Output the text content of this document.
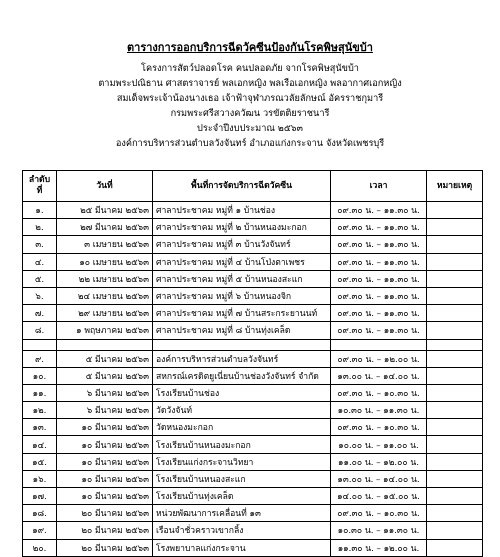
ตารางการออกบริการฉีดวัคซีนป้องกันโรคพิษสุนัขบ้า
โครงการสัตว์ปลอดโรค คนปลอดภัย จากโรคพิษสุนัขบ้า
ตามพระปณิธาน ศาสตราจารย์ พลเอกหญิง พลเรือเอกหญิง พลอากาศเอกหญิง
สมเด็จพระเจ้าน้องนางเธอ เจ้าฟ้าจุฬาภรณวลัยลักษณ์ อัครราชกุมารี
กรมพระศรีสวางควัฒน วรขัตติยราชนารี
ประจำปีงบประมาณ ๒๕๖๓
องค์การบริหารส่วนตำบลวังจันทร์ อำเภอแก่งกระจาน จังหวัดเพชรบุรี
ลำดับ
ที่	วันที่	พื้นที่การจัดบริการฉีดวัคซีน	เวลา	หมายเหตุ
๑.	๒๕ มีนาคม ๒๕๖๓	ศาลาประชาคม หมู่ที่ ๑ บ้านช่อง	๐๙.๓๐ น. – ๑๑.๓๐ น.	
๒.	๒๗ มีนาคม ๒๕๖๓	ศาลาประชาคม หมู่ที่ ๒ บ้านหนองมะกอก	๐๙.๓๐ น. – ๑๑.๓๐ น.	
๓.	๓ เมษายน ๒๕๖๓	ศาลาประชาคม หมู่ที่ ๓ บ้านวังจันทร์	๐๙.๓๐ น. – ๑๑.๓๐ น.	
๔.	๑๐ เมษายน ๒๕๖๓	ศาลาประชาคม หมู่ที่ ๔ บ้านโป่งตาเพชร	๐๙.๓๐ น. – ๑๑.๓๐ น.	
๕.	๒๒ เมษายน ๒๕๖๓	ศาลาประชาคม หมู่ที่ ๕ บ้านหนองสะแก	๐๙.๓๐ น. – ๑๑.๓๐ น.	
๖.	๒๔ เมษายน ๒๕๖๓	ศาลาประชาคม หมู่ที่ ๖ บ้านหนองจิก	๐๙.๓๐ น. – ๑๑.๓๐ น.	
๗.	๒๙ เมษายน ๒๕๖๓	ศาลาประชาคม หมู่ที่ ๗ บ้านสระกระยานนท์	๐๙.๓๐ น. – ๑๑.๓๐ น.	
๘.	๑ พฤษภาคม ๒๕๖๓	ศาลาประชาคม หมู่ที่ ๘ บ้านทุ่งเคล็ด	๐๙.๓๐ น. – ๑๑.๓๐ น.	

๙.	๕ มีนาคม ๒๕๖๓	องค์การบริหารส่วนตำบลวังจันทร์	๐๙.๓๐ น. – ๑๒.๐๐ น.	
๑๐.	๕ มีนาคม ๒๕๖๓	สหกรณ์เครดิตยูเนี่ยนบ้านช่องวังจันทร์ จำกัด	๑๓.๐๐ น. – ๑๔.๐๐ น.	
๑๑.	๖ มีนาคม ๒๕๖๓	โรงเรียนบ้านช่อง	๐๙.๓๐ น. – ๑๐.๓๐ น.	
๑๒.	๖ มีนาคม ๒๕๖๓	วัดวังจันท์	๑๐.๓๐ น. – ๑๑.๓๐ น.	
๑๓.	๑๐ มีนาคม ๒๕๖๓	วัดหนองมะกอก	๐๙.๓๐ น. – ๑๐.๓๐ น.	
๑๔.	๑๐ มีนาคม ๒๕๖๓	โรงเรียนบ้านหนองมะกอก	๑๐.๐๐ น. – ๑๑.๐๐ น.	
๑๕.	๑๐ มีนาคม ๒๕๖๓	โรงเรียนแก่งกระจานวิทยา	๑๑.๐๐ น. – ๑๒.๐๐ น.	
๑๖.	๑๐ มีนาคม ๒๕๖๓	โรงเรียนบ้านหนองสะแก	๑๓.๐๐ น. – ๑๔.๐๐ น.	
๑๗.	๑๐ มีนาคม ๒๕๖๓	โรงเรียนบ้านทุ่งเคล็ด	๑๔.๐๐ น. – ๑๕.๐๐ น.	
๑๘.	๒๐ มีนาคม ๒๕๖๓	หน่วยพัฒนาการเคลื่อนที่ ๑๓	๐๙.๓๐ น. – ๑๐.๓๐ น.	
๑๙.	๒๐ มีนาคม ๒๕๖๓	เรือนจำชั่วคราวเขากลิ้ง	๑๐.๓๐ น. – ๑๑.๓๐ น.	
๒๐.	๒๐ มีนาคม ๒๕๖๓	โรงพยาบาลแก่งกระจาน	๑๑.๓๐ น. – ๑๒.๐๐ น.	
